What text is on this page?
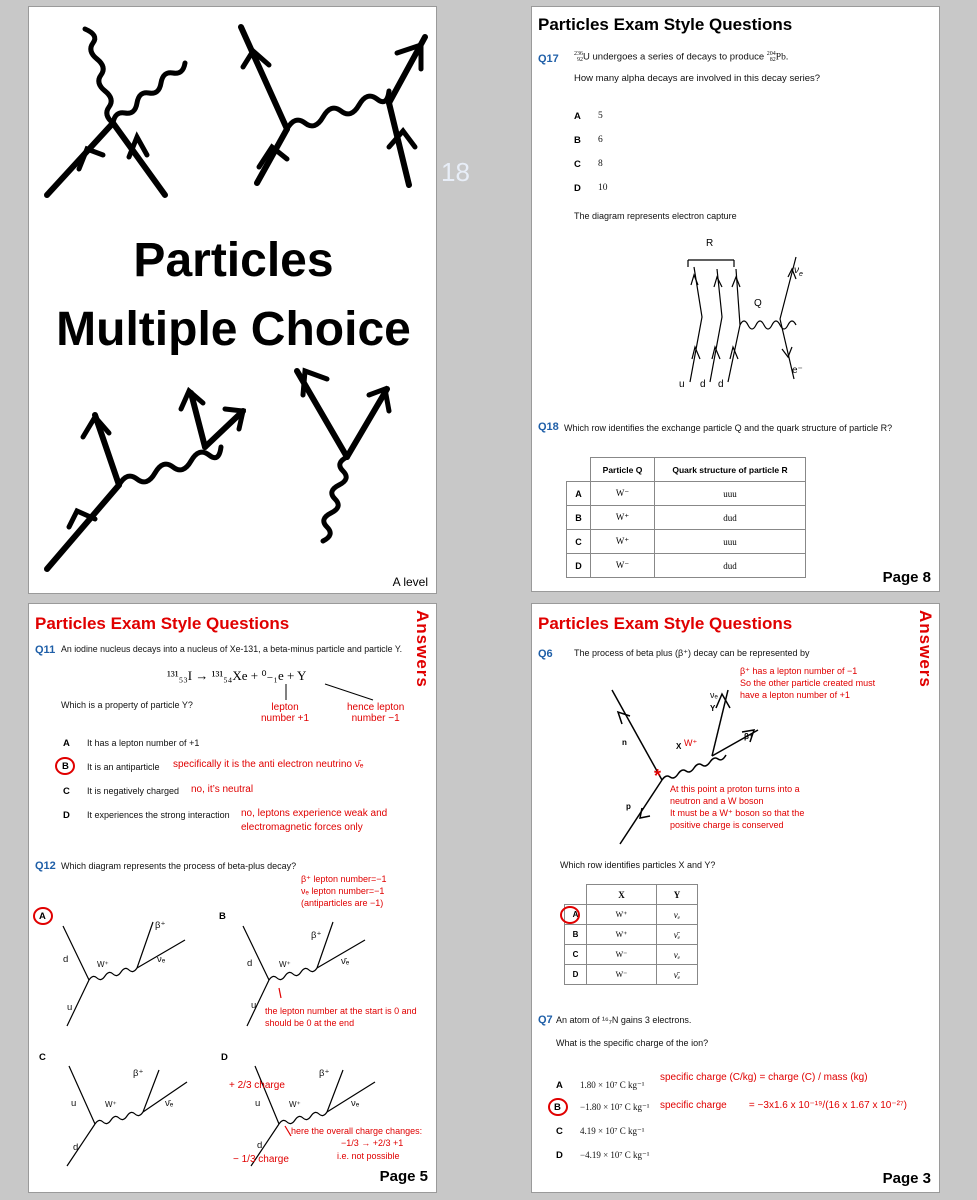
18
Particles
Multiple Choice
A level
Particles Exam Style Questions
Q17	236
92U undergoes a series of decays to produce 204
82Pb.
How many alpha decays are involved in this decay series?
A 5
B 6
C 8
D 10
The diagram represents electron capture
R
Q
$\nu_e$
e⁻
u d d
Q18 Which row identifies the exchange particle Q and the quark structure of particle R?
	Particle Q	Quark structure of particle R
A	W⁻	uuu
B	W⁺	dud
C	W⁺	uuu
D	W⁻	dud
Page 8
Particles Exam Style Questions	Answers
Q11 An iodine nucleus decays into a nucleus of Xe-131, a beta-minus particle and particle Y.
¹³¹₅₃I → ¹³¹₅₄Xe + ⁰₋₁e + Y
Which is a property of particle Y?	lepton
number +1
hence lepton
number −1
A It has a lepton number of +1
B It is an antiparticle specifically it is the anti electron neutrino ν̄ₑ
C It is negatively charged no, it’s neutral
D It experiences the strong interaction no, leptons experience weak and
electromagnetic forces only
Q12 Which diagram represents the process of beta-plus decay?
β⁺ lepton number=−1
νₑ lepton number=−1
(antiparticles are −1)
A	B
C	D
β⁺
W⁺	νₑ
d
u
β⁺
W⁺	ν̄ₑ
d
u the lepton number at the start is 0 and
should be 0 at the end
β⁺
W⁺	ν̄ₑ
u
d
β⁺
W⁺	νₑ
u
d
+ 2/3 charge
− 1/3 charge
here the overall charge changes:
−1/3 → +2/3 +1
i.e. not possible
Page 5
Particles Exam Style Questions	Answers
Q6 The process of beta plus (β⁺) decay can be represented by
β⁺ has a lepton number of −1
So the other particle created must
have a lepton number of +1
*
νₑ
Y
X W⁺
β⁺
n
p
At this point a proton turns into a
neutron and a W boson
It must be a W⁺ boson so that the
positive charge is conserved
Which row identifies particles X and Y?
	X	Y
A	W⁺	νₑ
B	W⁺	ν̄ₑ
C	W⁻	νₑ
D	W⁻	ν̄ₑ
Q7 An atom of ¹⁶₇N gains 3 electrons.
What is the specific charge of the ion?
A 1.80 × 10⁷ C kg⁻¹
specific charge (C/kg) = charge (C) / mass (kg)
B −1.80 × 10⁷ C kg⁻¹ specific charge        = −3x1.6 x 10⁻¹⁹/(16 x 1.67 x 10⁻²⁷)
C 4.19 × 10⁷ C kg⁻¹
D −4.19 × 10⁷ C kg⁻¹
Page 3
